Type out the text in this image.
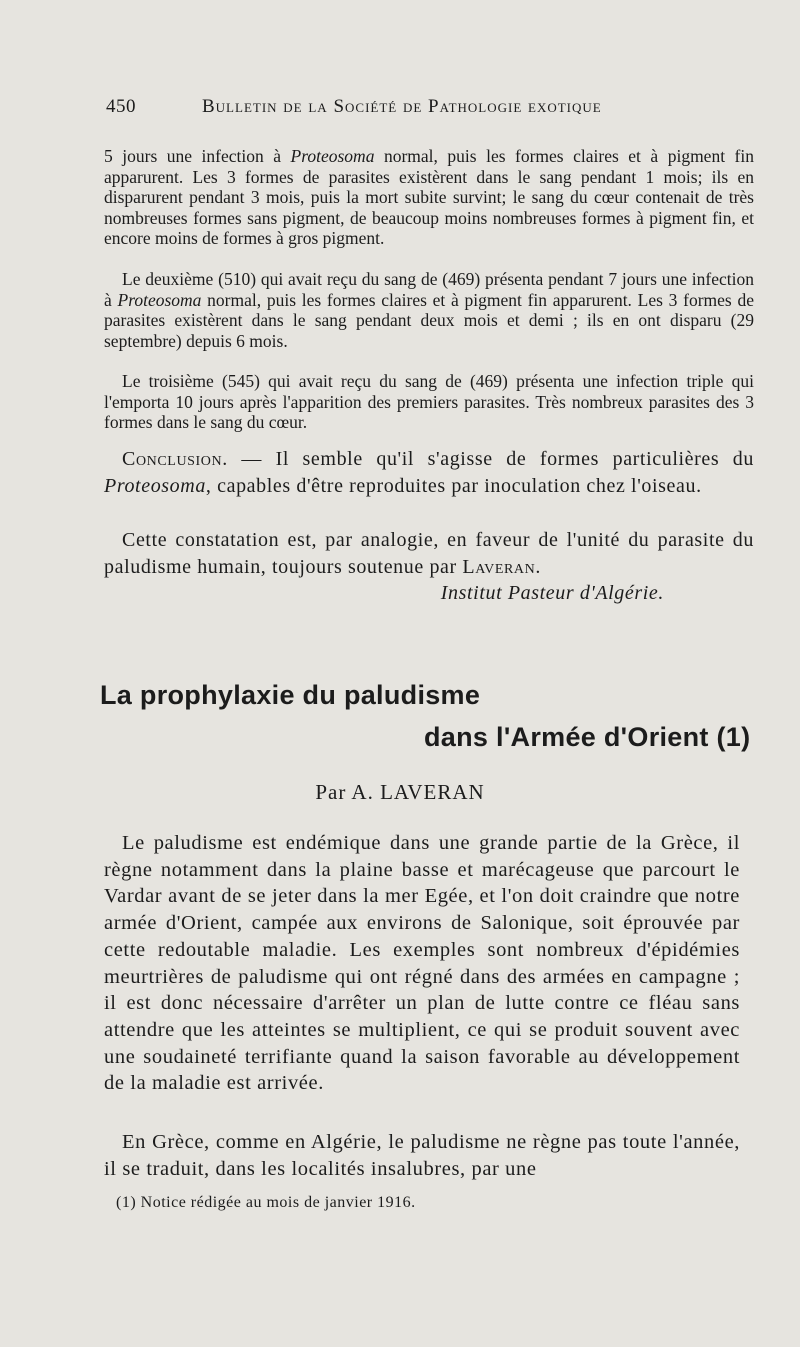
450	Bulletin de la Société de Pathologie exotique

5 jours une infection à Proteosoma normal, puis les formes claires et à pigment fin apparurent. Les 3 formes de parasites existèrent dans le sang pendant 1 mois; ils en disparurent pendant 3 mois, puis la mort subite survint; le sang du cœur contenait de très nombreuses formes sans pigment, de beaucoup moins nombreuses formes à pigment fin, et encore moins de formes à gros pigment.

Le deuxième (510) qui avait reçu du sang de (469) présenta pendant 7 jours une infection à Proteosoma normal, puis les formes claires et à pigment fin apparurent. Les 3 formes de parasites existèrent dans le sang pendant deux mois et demi ; ils en ont disparu (29 septembre) depuis 6 mois.

Le troisième (545) qui avait reçu du sang de (469) présenta une infection triple qui l'emporta 10 jours après l'apparition des premiers parasites. Très nombreux parasites des 3 formes dans le sang du cœur.

Conclusion. — Il semble qu'il s'agisse de formes particulières du Proteosoma, capables d'être reproduites par inoculation chez l'oiseau.

Cette constatation est, par analogie, en faveur de l'unité du parasite du paludisme humain, toujours soutenue par Laveran.

Institut Pasteur d'Algérie.
La prophylaxie du paludisme
dans l'Armée d'Orient (1)
Par A. LAVERAN

Le paludisme est endémique dans une grande partie de la Grèce, il règne notamment dans la plaine basse et marécageuse que parcourt le Vardar avant de se jeter dans la mer Egée, et l'on doit craindre que notre armée d'Orient, campée aux environs de Salonique, soit éprouvée par cette redoutable maladie. Les exemples sont nombreux d'épidémies meurtrières de paludisme qui ont régné dans des armées en campagne ; il est donc nécessaire d'arrêter un plan de lutte contre ce fléau sans attendre que les atteintes se multiplient, ce qui se produit souvent avec une soudaineté terrifiante quand la saison favorable au développement de la maladie est arrivée.

En Grèce, comme en Algérie, le paludisme ne règne pas toute l'année, il se traduit, dans les localités insalubres, par une

(1) Notice rédigée au mois de janvier 1916.
